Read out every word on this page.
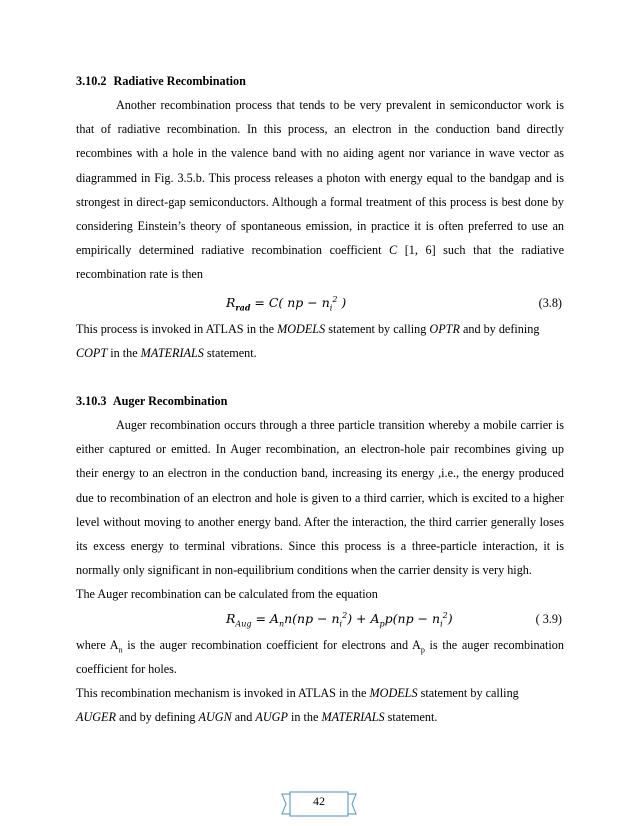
3.10.2 Radiative Recombination

Another recombination process that tends to be very prevalent in semiconductor work is that of radiative recombination. In this process, an electron in the conduction band directly recombines with a hole in the valence band with no aiding agent nor variance in wave vector as diagrammed in Fig. 3.5.b. This process releases a photon with energy equal to the bandgap and is strongest in direct-gap semiconductors. Although a formal treatment of this process is best done by considering Einstein’s theory of spontaneous emission, in practice it is often preferred to use an empirically determined radiative recombination coefficient C [1, 6] such that the radiative recombination rate is then

$R_{rad} = C$( np − $n_i^2$ )	(3.8)

This process is invoked in ATLAS in the MODELS statement by calling OPTR and by defining
COPT in the MATERIALS statement.

3.10.3 Auger Recombination

Auger recombination occurs through a three particle transition whereby a mobile carrier is either captured or emitted. In Auger recombination, an electron-hole pair recombines giving up their energy to an electron in the conduction band, increasing its energy ,i.e., the energy produced due to recombination of an electron and hole is given to a third carrier, which is excited to a higher level without moving to another energy band. After the interaction, the third carrier generally loses its excess energy to terminal vibrations. Since this process is a three-particle interaction, it is normally only significant in non-equilibrium conditions when the carrier density is very high.

The Auger recombination can be calculated from the equation

$R_{Aug} = A_nn(np - n_i^2) + A_pp(np - n_i^2)$	( 3.9)

where $A_n$ is the auger recombination coefficient for electrons and $A_p$ is the auger recombination coefficient for holes.

This recombination mechanism is invoked in ATLAS in the MODELS statement by calling
AUGER and by defining AUGN and AUGP in the MATERIALS statement.

42
